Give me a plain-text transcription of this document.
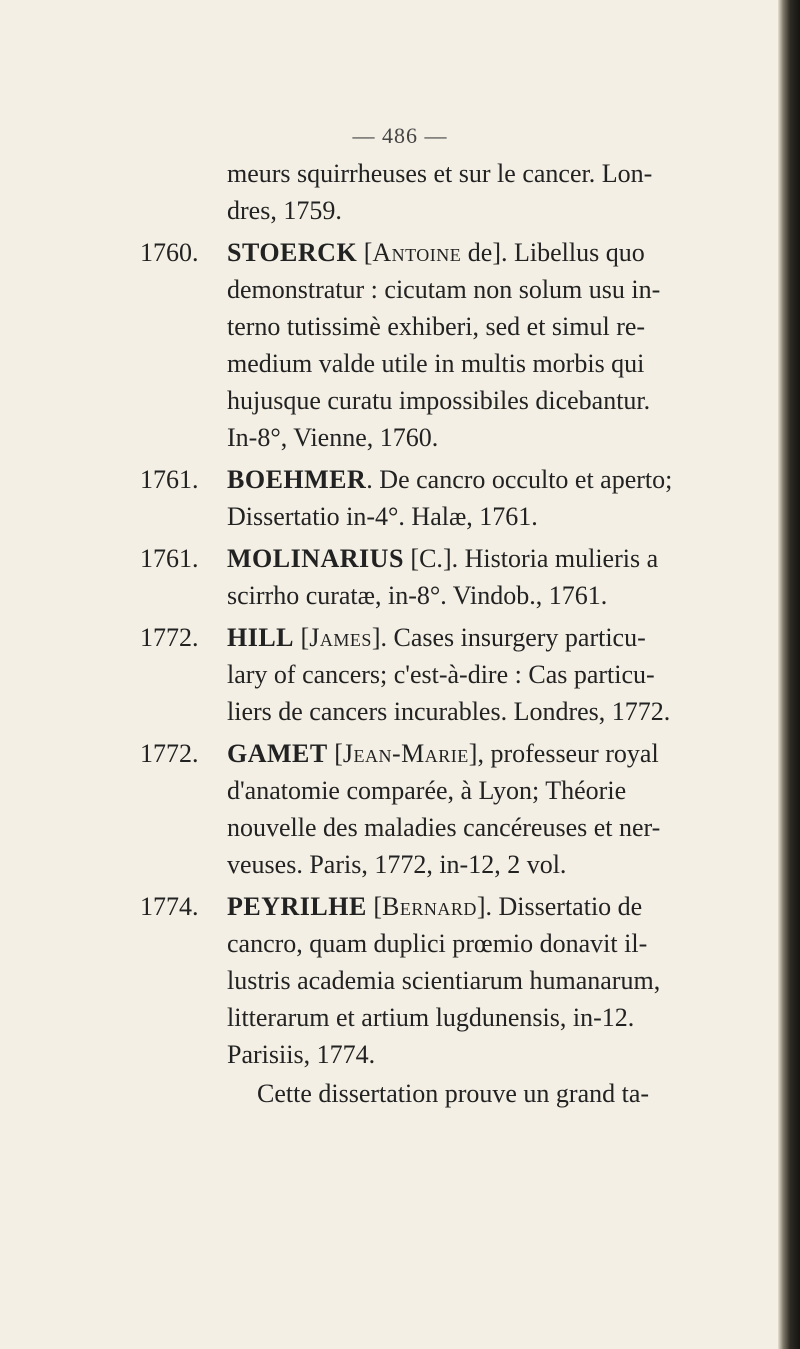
— 486 —
meurs squirrheuses et sur le cancer. Lon-
dres, 1759.
1760. STOERCK [Antoine de]. Libellus quo
demonstratur : cicutam non solum usu in-
terno tutissimè exhiberi, sed et simul re-
medium valde utile in multis morbis qui
hujusque curatu impossibiles dicebantur.
In-8°, Vienne, 1760.
1761. BOEHMER. De cancro occulto et aperto;
Dissertatio in-4°. Halæ, 1761.
1761. MOLINARIUS [C.]. Historia mulieris a
scirrho curatæ, in-8°. Vindob., 1761.
1772. HILL [James]. Cases insurgery particu-
lary of cancers; c'est-à-dire : Cas particu-
liers de cancers incurables. Londres, 1772.
1772. GAMET [Jean-Marie], professeur royal
d'anatomie comparée, à Lyon; Théorie
nouvelle des maladies cancéreuses et ner-
veuses. Paris, 1772, in-12, 2 vol.
1774. PEYRILHE [Bernard]. Dissertatio de
cancro, quam duplici prœmio donavit il-
lustris academia scientiarum humanarum,
litterarum et artium lugdunensis, in-12.
Parisiis, 1774.
Cette dissertation prouve un grand ta-
